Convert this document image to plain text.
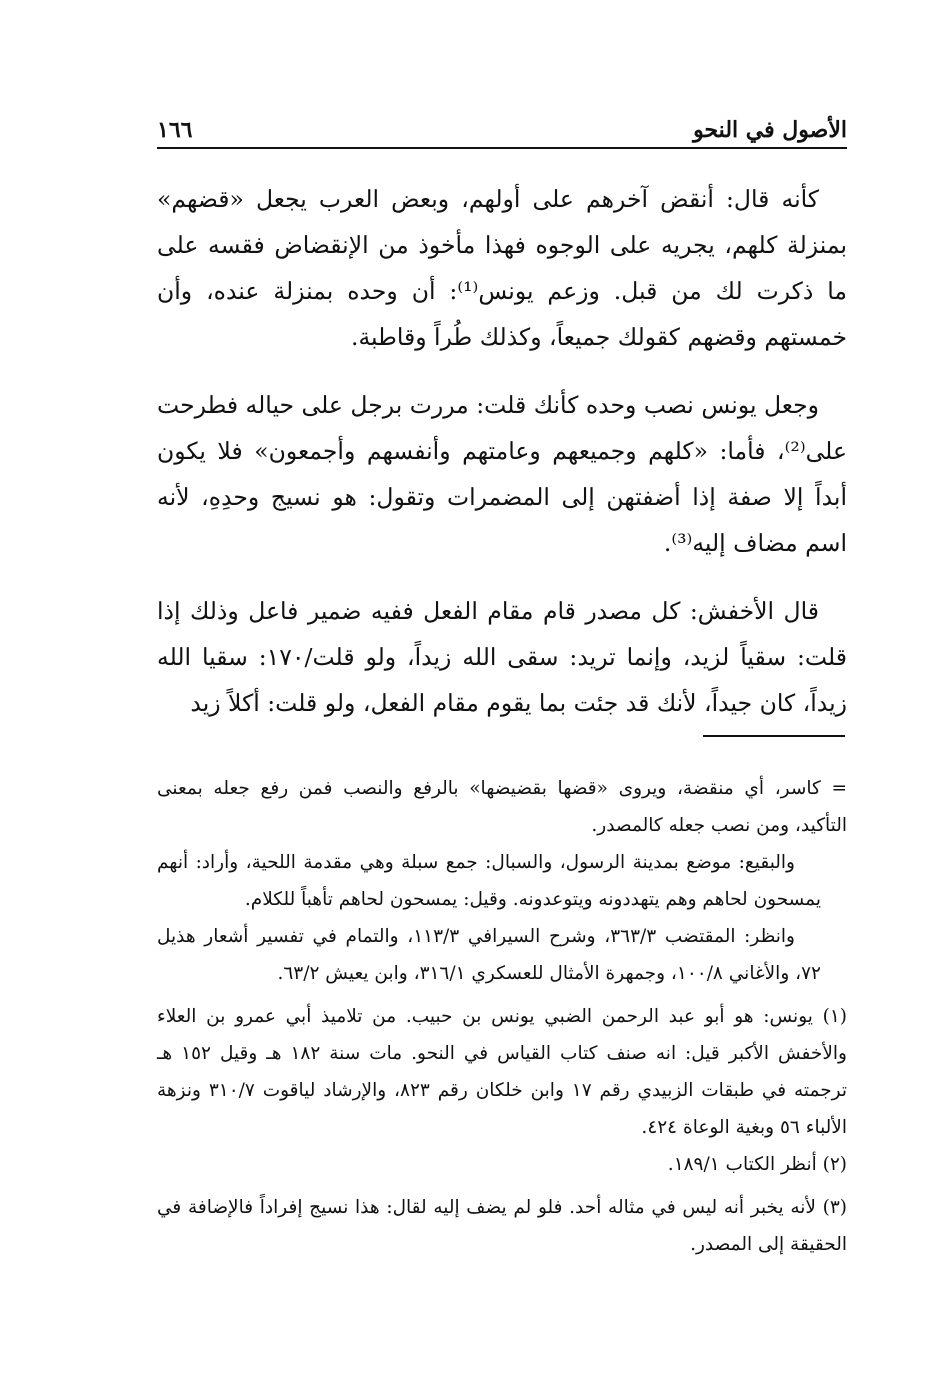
١٦٦	الأصول في النحو

كأنه قال: أنقض آخرهم على أولهم، وبعض العرب يجعل «قضهم» بمنزلة كلهم، يجريه على الوجوه فهذا مأخوذ من الإنقضاض فقسه على ما ذكرت لك من قبل. وزعم يونس⁽¹⁾: أن وحده بمنزلة عنده، وأن خمستهم وقضهم كقولك جميعاً، وكذلك طُراً وقاطبة.

وجعل يونس نصب وحده كأنك قلت: مررت برجل على حياله فطرحت على⁽²⁾، فأما: «كلهم وجميعهم وعامتهم وأنفسهم وأجمعون» فلا يكون أبداً إلا صفة إذا أضفتهن إلى المضمرات وتقول: هو نسيج وحدِهِ، لأنه اسم مضاف إليه⁽³⁾.

قال الأخفش: كل مصدر قام مقام الفعل ففيه ضمير فاعل وذلك إذا قلت: سقياً لزيد، وإنما تريد: سقى الله زيداً، ولو قلت/١٧٠: سقيا الله زيداً، كان جيداً، لأنك قد جئت بما يقوم مقام الفعل، ولو قلت: أكلاً زيد

= كاسر، أي منقضة، ويروى «قضها بقضيضها» بالرفع والنصب فمن رفع جعله بمعنى التأكيد، ومن نصب جعله كالمصدر.

والبقيع: موضع بمدينة الرسول، والسبال: جمع سبلة وهي مقدمة اللحية، وأراد: أنهم يمسحون لحاهم وهم يتهددونه ويتوعدونه. وقيل: يمسحون لحاهم تأهباً للكلام.

وانظر: المقتضب ٣٦٣/٣، وشرح السيرافي ١١٣/٣، والتمام في تفسير أشعار هذيل ٧٢، والأغاني ١٠٠/٨، وجمهرة الأمثال للعسكري ٣١٦/١، وابن يعيش ٦٣/٢.

(١) يونس: هو أبو عبد الرحمن الضبي يونس بن حبيب. من تلاميذ أبي عمرو بن العلاء والأخفش الأكبر قيل: انه صنف كتاب القياس في النحو. مات سنة ١٨٢ هـ وقيل ١٥٢ هـ ترجمته في طبقات الزبيدي رقم ١٧ وابن خلكان رقم ٨٢٣، والإرشاد لياقوت ٣١٠/٧ ونزهة الألباء ٥٦ وبغية الوعاة ٤٢٤.

(٢) أنظر الكتاب ١٨٩/١.

(٣) لأنه يخبر أنه ليس في مثاله أحد. فلو لم يضف إليه لقال: هذا نسيج إفراداً فالإضافة في الحقيقة إلى المصدر.
